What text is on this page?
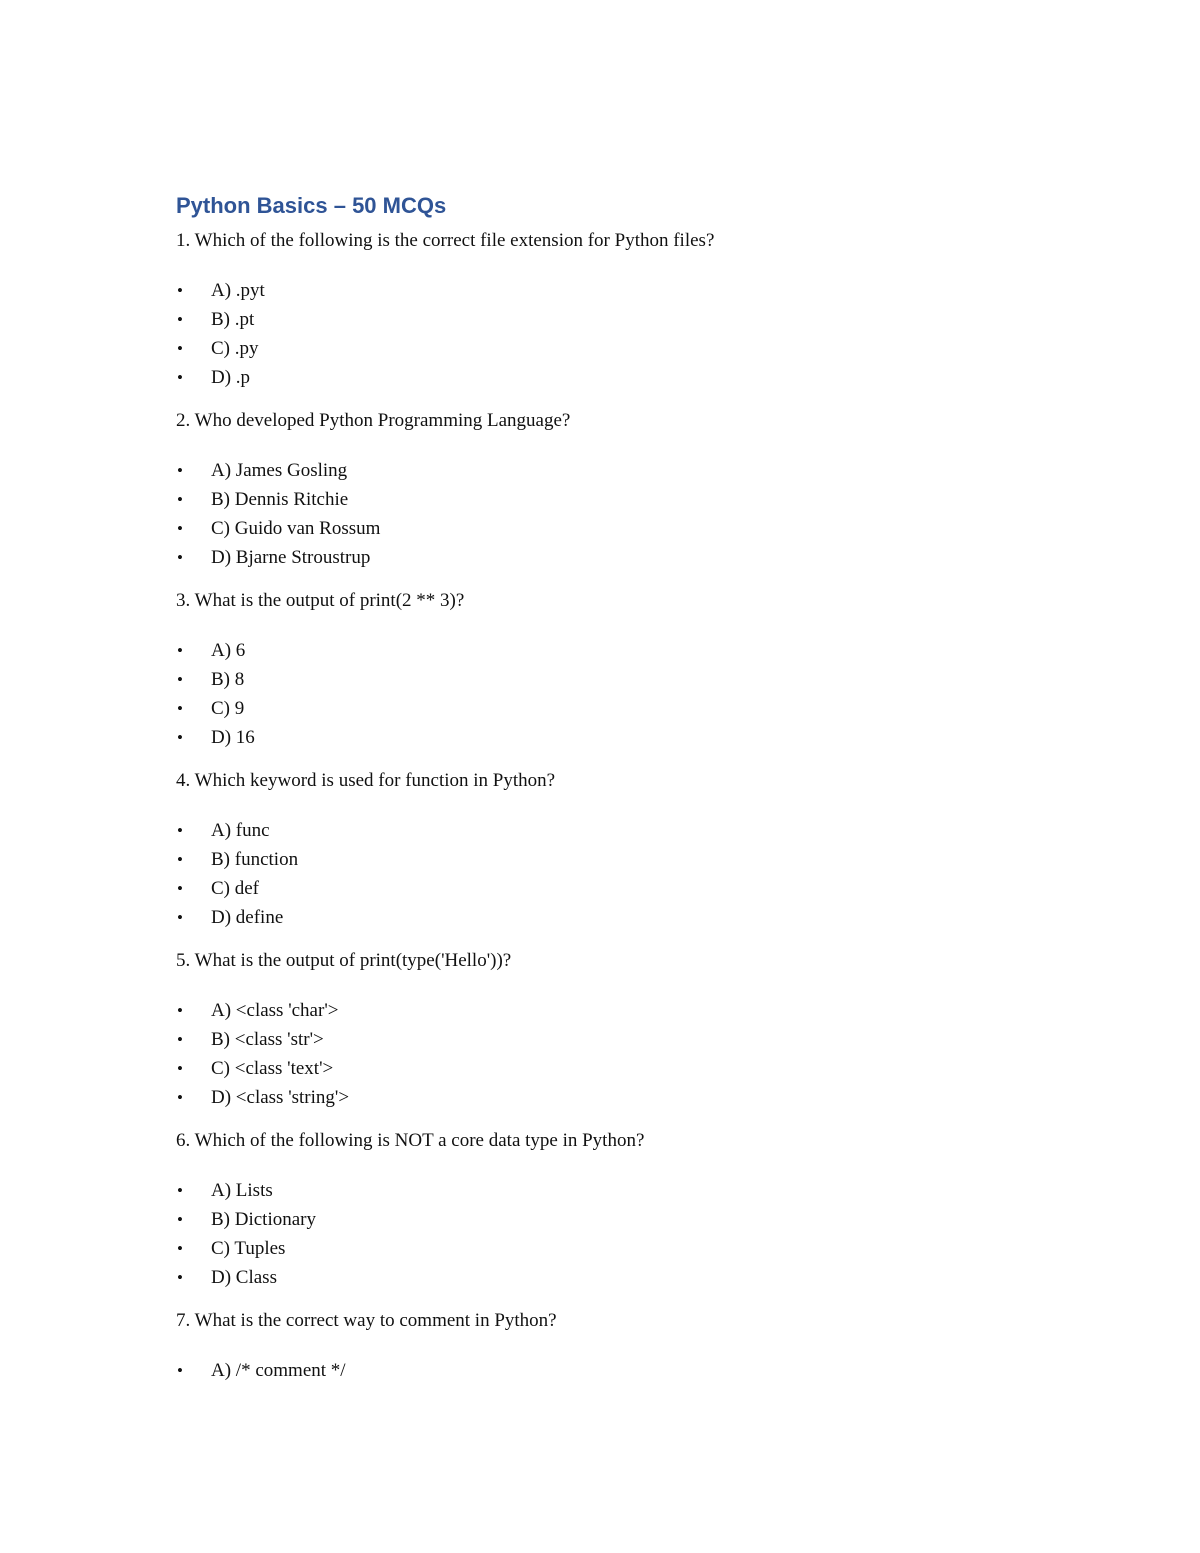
Python Basics – 50 MCQs

1. Which of the following is the correct file extension for Python files?

• A) .pyt
• B) .pt
• C) .py
• D) .p

2. Who developed Python Programming Language?

• A) James Gosling
• B) Dennis Ritchie
• C) Guido van Rossum
• D) Bjarne Stroustrup

3. What is the output of print(2 ** 3)?

• A) 6
• B) 8
• C) 9
• D) 16

4. Which keyword is used for function in Python?

• A) func
• B) function
• C) def
• D) define

5. What is the output of print(type('Hello'))?

• A) <class 'char'>
• B) <class 'str'>
• C) <class 'text'>
• D) <class 'string'>

6. Which of the following is NOT a core data type in Python?

• A) Lists
• B) Dictionary
• C) Tuples
• D) Class

7. What is the correct way to comment in Python?

• A) /* comment */
